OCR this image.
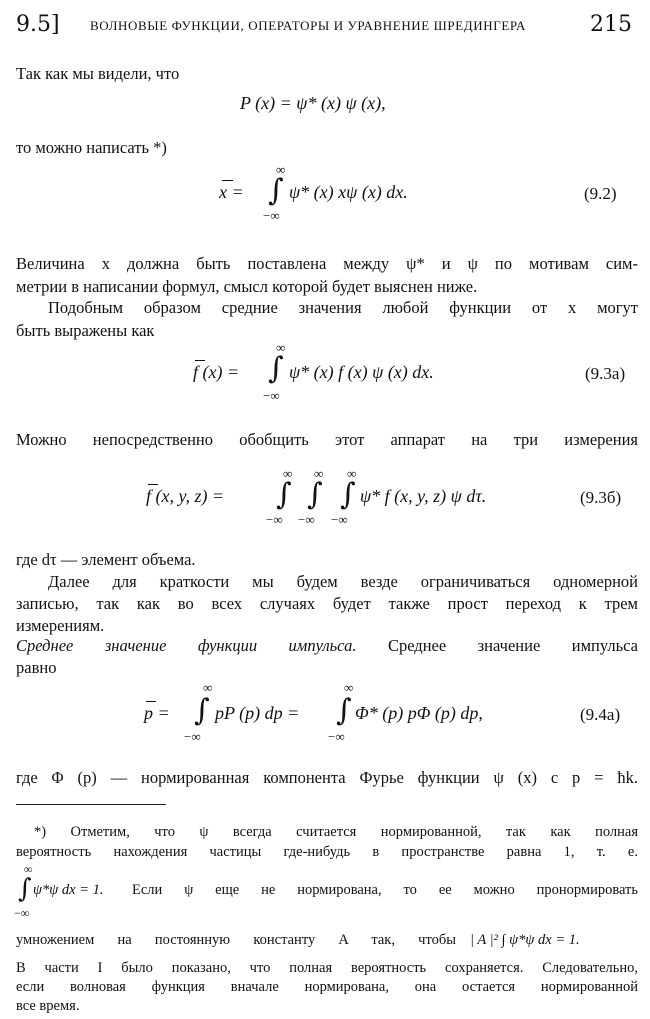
9.5] ВОЛНОВЫЕ ФУНКЦИИ, ОПЕРАТОРЫ И УРАВНЕНИЕ ШРЕДИНГЕРА	215

Так как мы видели, что

P (x) = ψ* (x) ψ (x),

то можно написать *)

x =
∞
∫
−∞
ψ* (x) xψ (x) dx.	(9.2)

Величина x должна быть поставлена между ψ* и ψ по мотивам сим-

метрии в написании формул, смысл которой будет выяснен ниже.

Подобным образом средние значения любой функции от x могут

быть выражены как

f (x) =
∞
∫
−∞
ψ* (x) f (x) ψ (x) dx.	(9.3а)

Можно непосредственно обобщить этот аппарат на три измерения

f (x, y, z) =
∞
∫
−∞
∞
∫
−∞
∞
∫
−∞
ψ* f (x, y, z) ψ dτ.	(9.3б)

где dτ — элемент объема.

Далее для краткости мы будем везде ограничиваться одномерной

записью, так как во всех случаях будет также прост переход к трем

измерениям.

Среднее значение функции импульса. Среднее значение импульса

равно

p =
∞
∫
−∞
pP (p) dp =
∞
∫
−∞
Φ* (p) pΦ (p) dp,	(9.4а)

где Φ (p) — нормированная компонента Фурье функции ψ (x) с p = ħk.

*) Отметим, что ψ всегда считается нормированной, так как полная

вероятность нахождения частицы где-нибудь в пространстве равна 1, т. е.

∞
∫
−∞
ψ*ψ dx = 1. Если ψ еще не нормирована, то ее можно пронормировать

умножением на постоянную константу A так, чтобы | A |² ∫ ψ*ψ dx = 1.

В части I было показано, что полная вероятность сохраняется. Следовательно,

если волновая функция вначале нормирована, она остается нормированной

все время.
